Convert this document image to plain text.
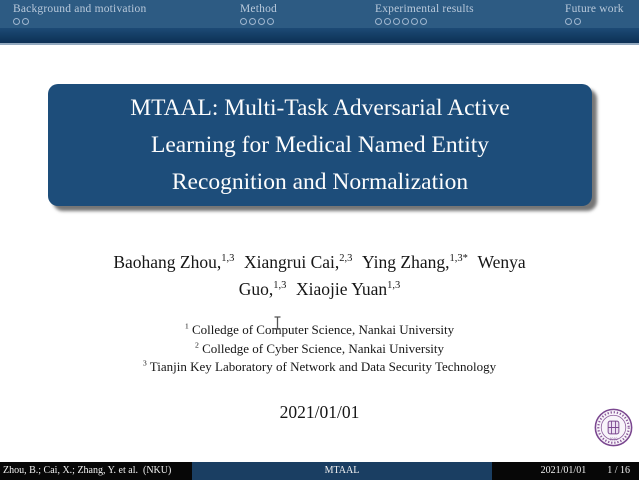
Background and motivation	Method	Experimental results	Future work
MTAAL: Multi-Task Adversarial Active
Learning for Medical Named Entity
Recognition and Normalization
Baohang Zhou,$^{1,3}$ Xiangrui Cai,$^{2,3}$ Ying Zhang,$^{1,3*}$ Wenya
Guo,$^{1,3}$ Xiaojie Yuan$^{1,3}$
$^1$ Colledge of Computer Science, Nankai University
$^2$ Colledge of Cyber Science, Nankai University
$^3$ Tianjin Key Laboratory of Network and Data Security Technology
2021/01/01
1919
Zhou, B.; Cai, X.; Zhang, Y. et al.  (NKU)	MTAAL	2021/01/01 1 / 16
